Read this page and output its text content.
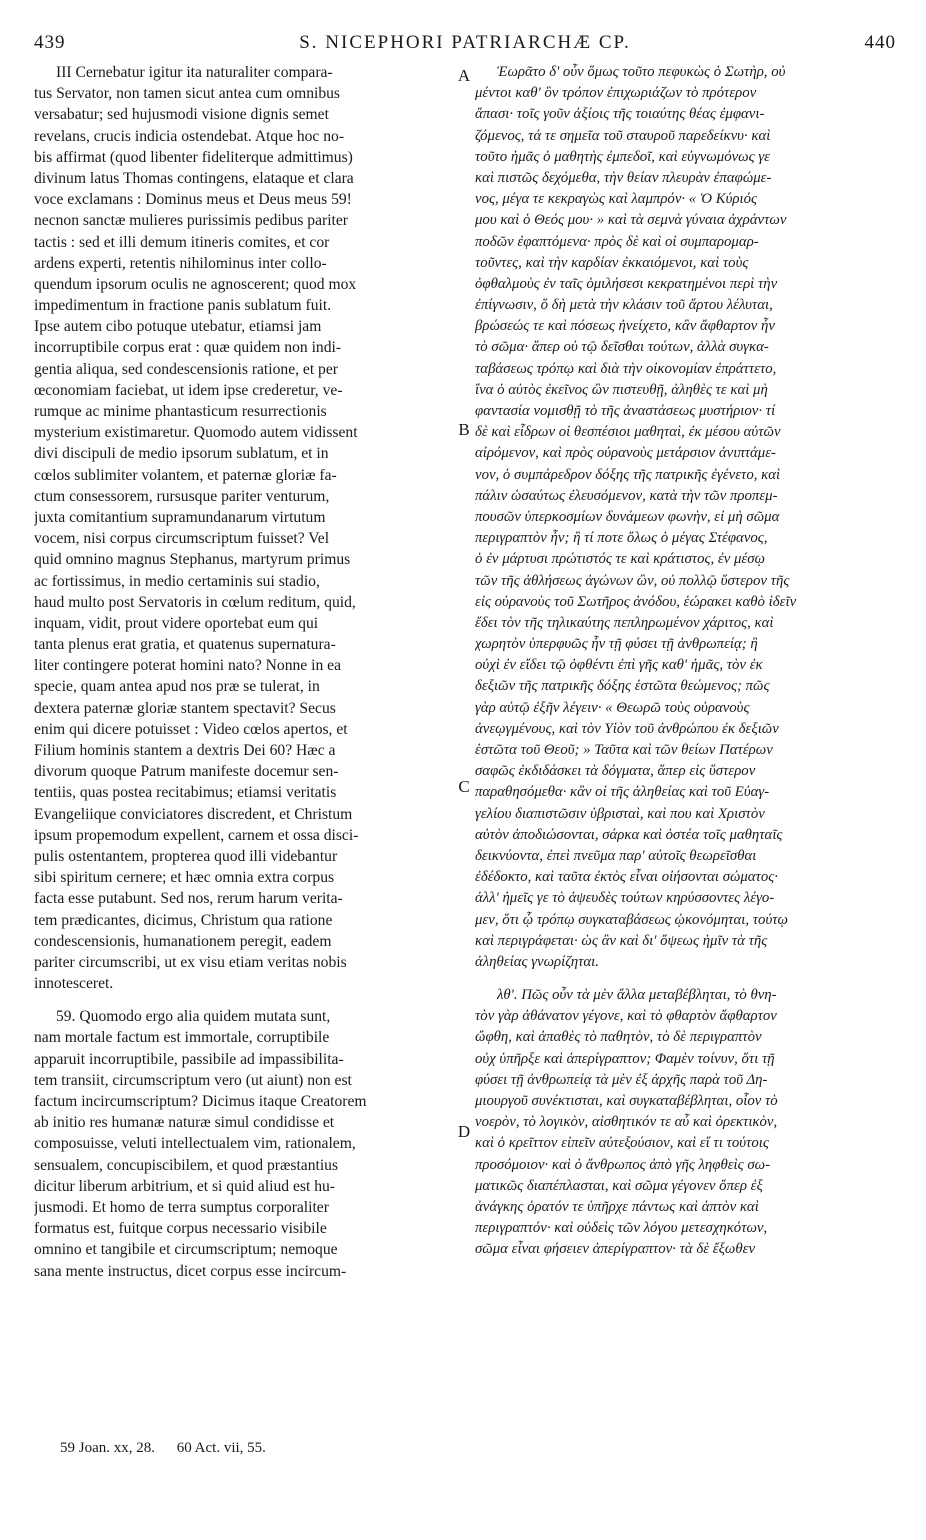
439	S. NICEPHORI PATRIARCHÆ CP.	440
III Cernebatur igitur ita naturaliter compara-
tus Servator, non tamen sicut antea cum omnibus
versabatur; sed hujusmodi visione dignis semet
revelans, crucis indicia ostendebat. Atque hoc no-
bis affirmat (quod libenter fideliterque admittimus)
divinum latus Thomas contingens, elataque et clara
voce exclamans : Dominus meus et Deus meus 59!
necnon sanctæ mulieres purissimis pedibus pariter
tactis : sed et illi demum itineris comites, et cor
ardens experti, retentis nihilominus inter collo-
quendum ipsorum oculis ne agnoscerent; quod mox
impedimentum in fractione panis sublatum fuit.
Ipse autem cibo potuque utebatur, etiamsi jam
incorruptibile corpus erat : quæ quidem non indi-
gentia aliqua, sed condescensionis ratione, et per
œconomiam faciebat, ut idem ipse crederetur, ve-
rumque ac minime phantasticum resurrectionis
mysterium existimaretur. Quomodo autem vidissent
divi discipuli de medio ipsorum sublatum, et in
cœlos sublimiter volantem, et paternæ gloriæ fa-
ctum consessorem, rursusque pariter venturum,
juxta comitantium supramundanarum virtutum
vocem, nisi corpus circumscriptum fuisset? Vel
quid omnino magnus Stephanus, martyrum primus
ac fortissimus, in medio certaminis sui stadio,
haud multo post Servatoris in cœlum reditum, quid,
inquam, vidit, prout videre oportebat eum qui
tanta plenus erat gratia, et quatenus supernatura-
liter contingere poterat homini nato? Nonne in ea
specie, quam antea apud nos præ se tulerat, in
dextera paternæ gloriæ stantem spectavit? Secus
enim qui dicere potuisset : Video cœlos apertos, et
Filium hominis stantem a dextris Dei 60? Hæc a
divorum quoque Patrum manifeste docemur sen-
tentiis, quas postea recitabimus; etiamsi veritatis
Evangeliique conviciatores discredent, et Christum
ipsum propemodum expellent, carnem et ossa disci-
pulis ostentantem, propterea quod illi videbantur
sibi spiritum cernere; et hæc omnia extra corpus
facta esse putabunt. Sed nos, rerum harum verita-
tem prædicantes, dicimus, Christum qua ratione
condescensionis, humanationem peregit, eadem
pariter circumscribi, ut ex visu etiam veritas nobis
innotesceret.
59. Quomodo ergo alia quidem mutata sunt,
nam mortale factum est immortale, corruptibile
apparuit incorruptibile, passibile ad impassibilita-
tem transiit, circumscriptum vero (ut aiunt) non est
factum incircumscriptum? Dicimus itaque Creatorem
ab initio res humanæ naturæ simul condidisse et
composuisse, veluti intellectualem vim, rationalem,
sensualem, concupiscibilem, et quod præstantius
dicitur liberum arbitrium, et si quid aliud est hu-
jusmodi. Et homo de terra sumptus corporaliter
formatus est, fuitque corpus necessario visibile
omnino et tangibile et circumscriptum; nemoque
sana mente instructus, dicet corpus esse incircum-
Ἑωρᾶτο δ' οὖν ὅμως τοῦτο πεφυκὼς ὁ Σωτὴρ, οὐ
μέντοι καθ' ὃν τρόπον ἐπιχωριάζων τὸ πρότερον
ἅπασι· τοῖς γοῦν ἀξίοις τῆς τοιαύτης θέας ἐμφανι-
ζόμενος, τά τε σημεῖα τοῦ σταυροῦ παρεδείκνυ· καὶ
τοῦτο ἡμᾶς ὁ μαθητὴς ἐμπεδοῖ, καὶ εὐγνωμόνως γε
καὶ πιστῶς δεχόμεθα, τὴν θείαν πλευρὰν ἐπαφώμε-
νος, μέγα τε κεκραγὼς καὶ λαμπρόν· « Ὁ Κύριός
μου καὶ ὁ Θεός μου· » καὶ τὰ σεμνὰ γύναια ἀχράντων
ποδῶν ἐφαπτόμενα· πρὸς δὲ καὶ οἱ συμπαρομαρ-
τοῦντες, καὶ τὴν καρδίαν ἐκκαιόμενοι, καὶ τοὺς
ὀφθαλμοὺς ἐν ταῖς ὁμιλήσεσι κεκρατημένοι περὶ τὴν
ἐπίγνωσιν, ὅ δὴ μετὰ τὴν κλάσιν τοῦ ἄρτου λέλυται,
βρώσεώς τε καὶ πόσεως ἠνείχετο, κἂν ἄφθαρτον ἦν
τὸ σῶμα· ἅπερ οὐ τῷ δεῖσθαι τούτων, ἀλλὰ συγκα-
ταβάσεως τρόπῳ καὶ διὰ τὴν οἰκονομίαν ἐπράττετο,
ἵνα ὁ αὐτὸς ἐκεῖνος ὢν πιστευθῇ, ἀληθὲς τε καὶ μὴ
φαντασία νομισθῇ τὸ τῆς ἀναστάσεως μυστήριον· τί
δὲ καὶ εἶδρων οἱ θεσπέσιοι μαθηταὶ, ἐκ μέσου αὐτῶν
αἰρόμενον, καὶ πρὸς οὐρανοὺς μετάρσιον ἀνιπτάμε-
νον, ὁ συμπάρεδρον δόξης τῆς πατρικῆς ἐγένετο, καὶ
πάλιν ὡσαύτως ἐλευσόμενον, κατὰ τὴν τῶν προπεμ-
πουσῶν ὑπερκοσμίων δυνάμεων φωνὴν, εἰ μὴ σῶμα
περιγραπτὸν ἦν; ἢ τί ποτε ὅλως ὁ μέγας Στέφανος,
ὁ ἐν μάρτυσι πρώτιστός τε καὶ κράτιστος, ἐν μέσῳ
τῶν τῆς ἀθλήσεως ἀγώνων ὢν, οὐ πολλῷ ὕστερον τῆς
εἰς οὐρανοὺς τοῦ Σωτῆρος ἀνόδου, ἑώρακει καθὸ ἰδεῖν
ἔδει τὸν τῆς τηλικαύτης πεπληρωμένον χάριτος, καὶ
χωρητὸν ὑπερφυῶς ἦν τῇ φύσει τῇ ἀνθρωπείᾳ; ἢ
οὐχὶ ἐν εἴδει τῷ ὀφθέντι ἐπὶ γῆς καθ' ἡμᾶς, τὸν ἐκ
δεξιῶν τῆς πατρικῆς δόξης ἑστῶτα θεώμενος; πῶς
γὰρ αὐτῷ ἐξῆν λέγειν· « Θεωρῶ τοὺς οὐρανοὺς
ἀνεῳγμένους, καὶ τὸν Υἱὸν τοῦ ἀνθρώπου ἐκ δεξιῶν
ἑστῶτα τοῦ Θεοῦ; » Ταῦτα καὶ τῶν θείων Πατέρων
σαφῶς ἐκδιδάσκει τὰ δόγματα, ἅπερ εἰς ὕστερον
παραθησόμεθα· κἂν οἱ τῆς ἀληθείας καὶ τοῦ Εὐαγ-
γελίου διαπιστῶσιν ὑβρισταὶ, καὶ που καὶ Χριστὸν
αὐτὸν ἀποδιώσονται, σάρκα καὶ ὀστέα τοῖς μαθηταῖς
δεικνύοντα, ἐπεὶ πνεῦμα παρ' αὐτοῖς θεωρεῖσθαι
ἐδέδοκτο, καὶ ταῦτα ἐκτὸς εἶναι οἰήσονται σώματος·
ἀλλ' ἡμεῖς γε τὸ ἀψευδὲς τούτων κηρύσσοντες λέγο-
μεν, ὅτι ᾧ τρόπῳ συγκαταβάσεως ᾠκονόμηται, τούτῳ
καὶ περιγράφεται· ὡς ἂν καὶ δι' ὄψεως ἡμῖν τὰ τῆς
ἀληθείας γνωρίζηται.
λθʹ. Πῶς οὖν τὰ μὲν ἄλλα μεταβέβληται, τὸ θνη-
τὸν γὰρ ἀθάνατον γέγονε, καὶ τὸ φθαρτὸν ἄφθαρτον
ὤφθη, καὶ ἀπαθὲς τὸ παθητὸν, τὸ δὲ περιγραπτὸν
οὐχ ὑπῆρξε καὶ ἀπερίγραπτον; Φαμὲν τοίνυν, ὅτι τῇ
φύσει τῇ ἀνθρωπείᾳ τὰ μὲν ἐξ ἀρχῆς παρὰ τοῦ Δη-
μιουργοῦ συνέκτισται, καὶ συγκαταβέβληται, οἷον τὸ
νοερὸν, τὸ λογικὸν, αἰσθητικόν τε αὖ καὶ ὀρεκτικὸν,
καὶ ὁ κρεῖττον εἰπεῖν αὐτεξούσιον, καὶ εἴ τι τούτοις
προσόμοιον· καὶ ὁ ἄνθρωπος ἀπὸ γῆς ληφθεὶς σω-
ματικῶς διαπέπλασται, καὶ σῶμα γέγονεν ὅπερ ἐξ
ἀνάγκης ὁρατόν τε ὑπῆρχε πάντως καὶ ἁπτὸν καὶ
περιγραπτόν· καὶ οὐδεὶς τῶν λόγου μετεσχηκότων,
σῶμα εἶναι φήσειεν ἀπερίγραπτον· τὰ δὲ ἔξωθεν
A
B
C
D
59 Joan. xx, 28. 60 Act. vii, 55.
